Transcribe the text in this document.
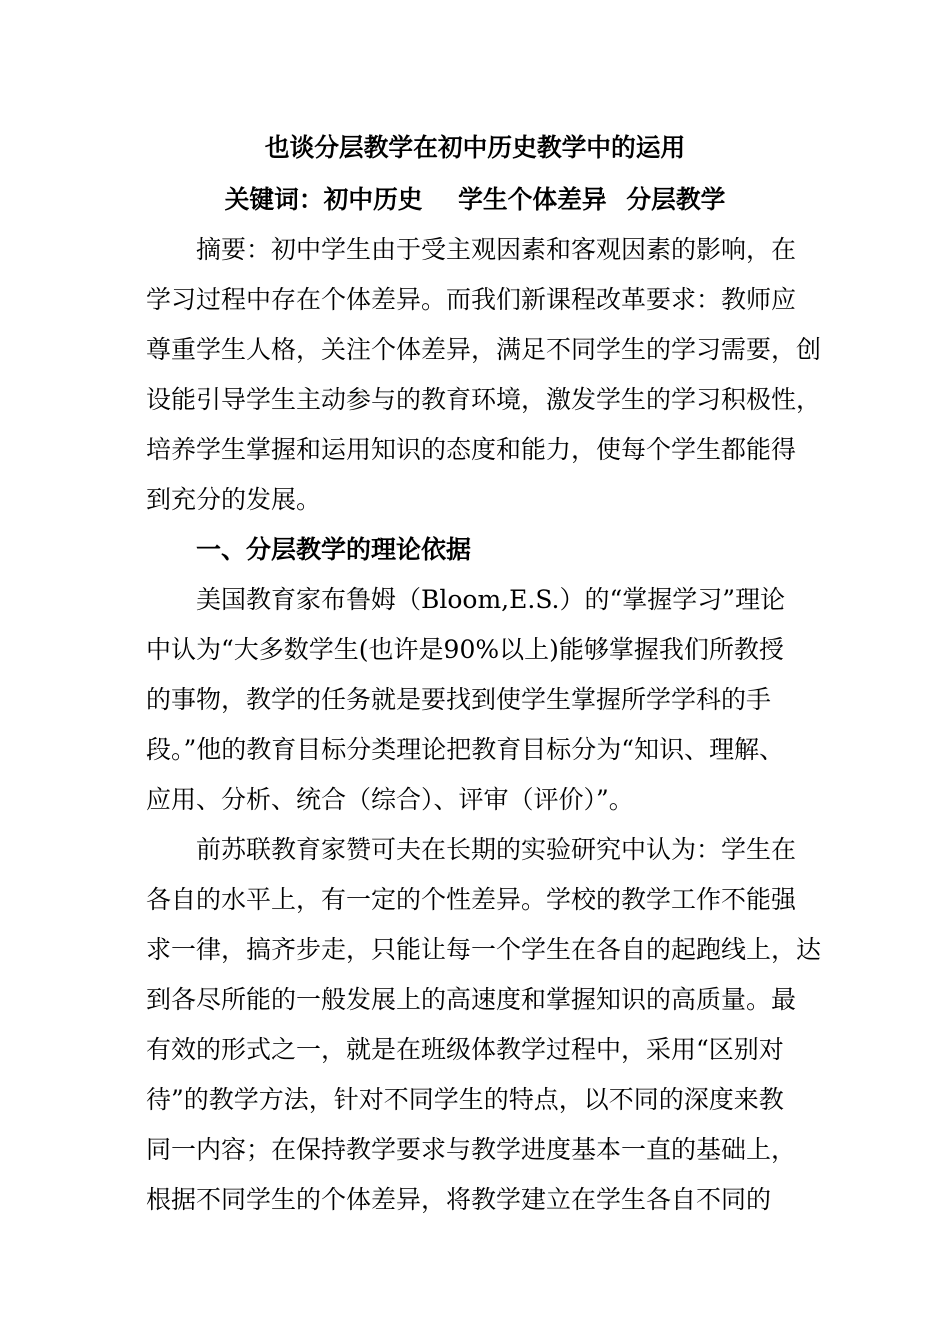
也谈分层教学在初中历史教学中的运用
关键词：初中历史 学生个体差异 分层教学
摘要：初中学生由于受主观因素和客观因素的影响，在
学习过程中存在个体差异。而我们新课程改革要求：教师应
尊重学生人格，关注个体差异，满足不同学生的学习需要，创
设能引导学生主动参与的教育环境，激发学生的学习积极性，
培养学生掌握和运用知识的态度和能力，使每个学生都能得
到充分的发展。
一、分层教学的理论依据
美国教育家布鲁姆（Bloom,E.S.）的“掌握学习”理论
中认为“大多数学生(也许是90%以上)能够掌握我们所教授
的事物，教学的任务就是要找到使学生掌握所学学科的手
段。”他的教育目标分类理论把教育目标分为“知识、理解、
应用、分析、统合（综合）、评审（评价）”。
前苏联教育家赞可夫在长期的实验研究中认为：学生在
各自的水平上，有一定的个性差异。学校的教学工作不能强
求一律，搞齐步走，只能让每一个学生在各自的起跑线上，达
到各尽所能的一般发展上的高速度和掌握知识的高质量。最
有效的形式之一，就是在班级体教学过程中，采用“区别对
待”的教学方法，针对不同学生的特点，以不同的深度来教
同一内容；在保持教学要求与教学进度基本一直的基础上，
根据不同学生的个体差异，将教学建立在学生各自不同的
